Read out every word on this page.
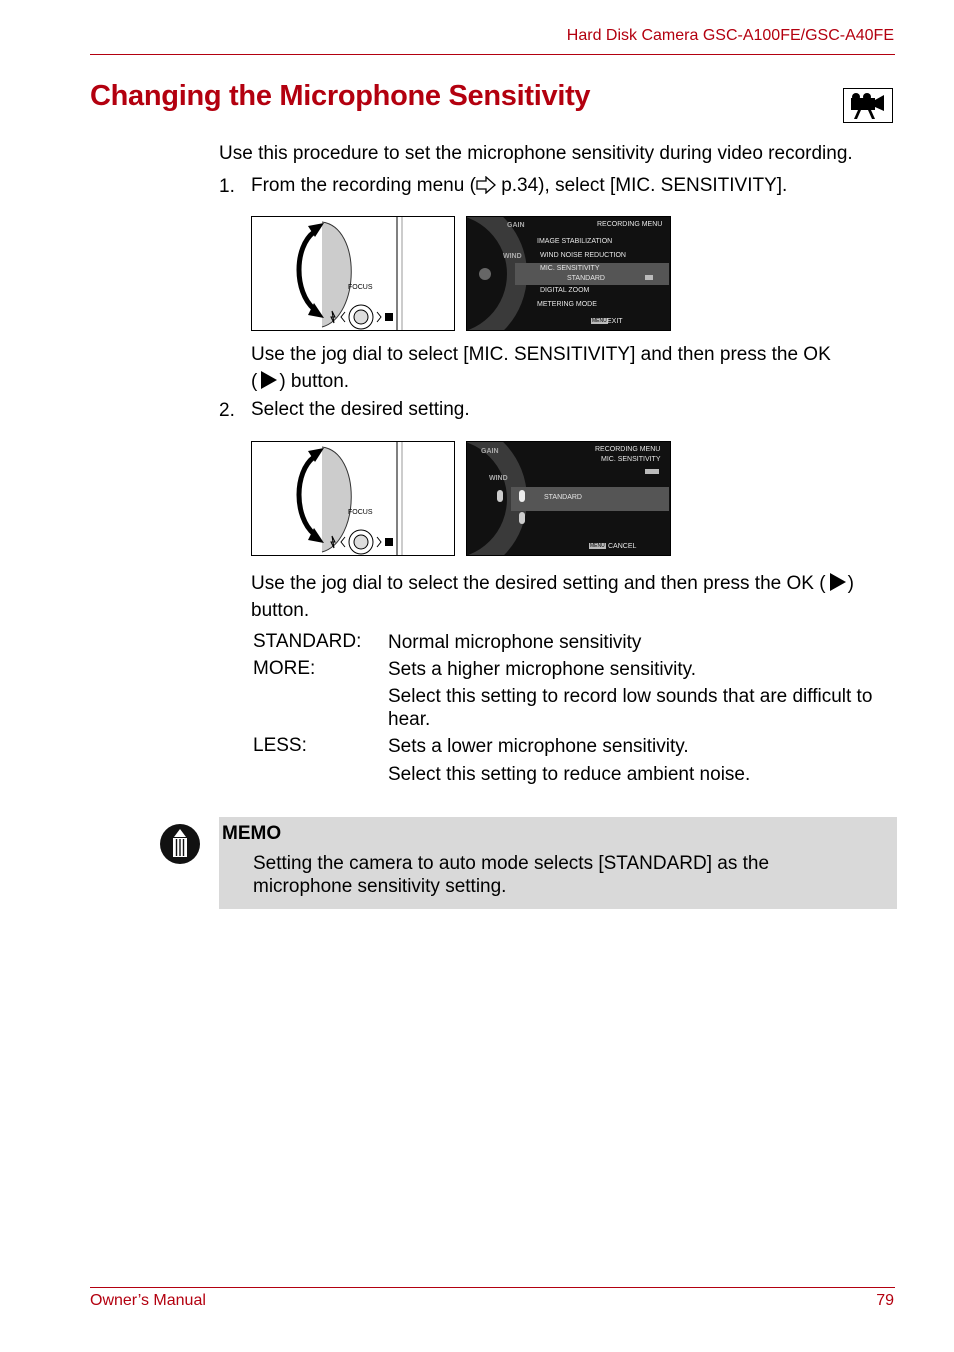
Hard Disk Camera GSC-A100FE/GSC-A40FE
Changing the Microphone Sensitivity
Use this procedure to set the microphone sensitivity during video recording.
1. From the recording menu ( p.34), select [MIC. SENSITIVITY].
FOCUS
RECORDING MENU
GAIN
WIND
IMAGE STABILIZATION
WIND NOISE REDUCTION
MIC. SENSITIVITY
STANDARD
DIGITAL ZOOM
METERING MODE
MENU EXIT
Use the jog dial to select [MIC. SENSITIVITY] and then press the OK
( ) button.
2. Select the desired setting.
FOCUS
RECORDING MENU
MIC. SENSITIVITY
GAIN
WIND
STANDARD
MENU CANCEL
Use the jog dial to select the desired setting and then press the OK ( )
button.
STANDARD: Normal microphone sensitivity
MORE:	Sets a higher microphone sensitivity.
Select this setting to record low sounds that are difficult to hear.
LESS:	Sets a lower microphone sensitivity.
Select this setting to reduce ambient noise.
MEMO
Setting the camera to auto mode selects [STANDARD] as the microphone sensitivity setting.
Owner’s Manual	79
